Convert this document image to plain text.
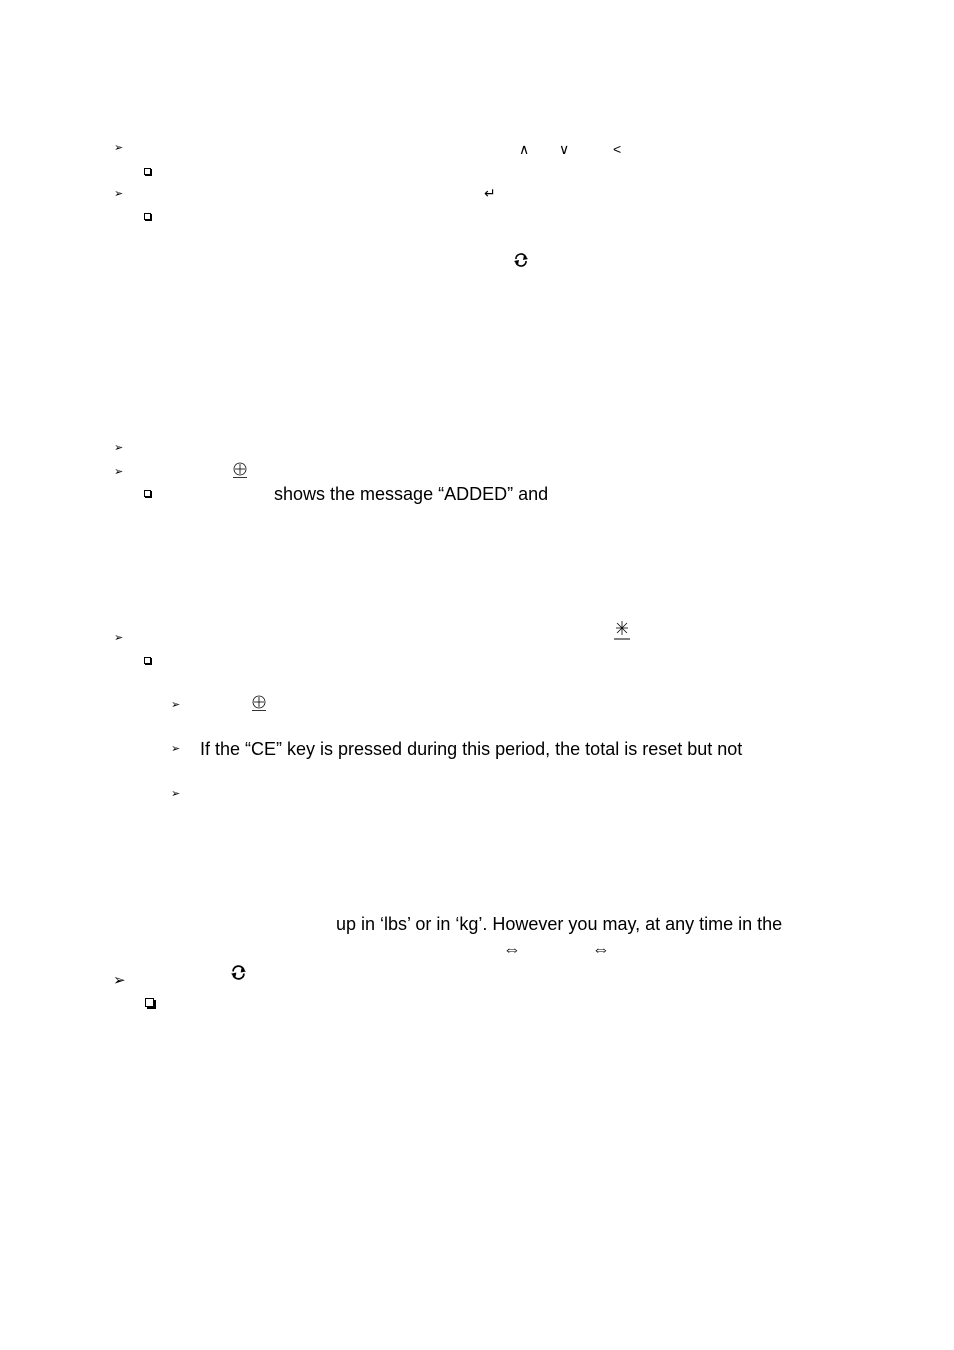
➢	∧ ∨	<
➢	↵
➢
➢
shows the message “ADDED” and
➢
➢
➢ If the “CE” key is pressed during this period, the total is reset but not
➢
up in ‘lbs’ or in ‘kg’. However you may, at any time in the
⇔	⇔
➢
